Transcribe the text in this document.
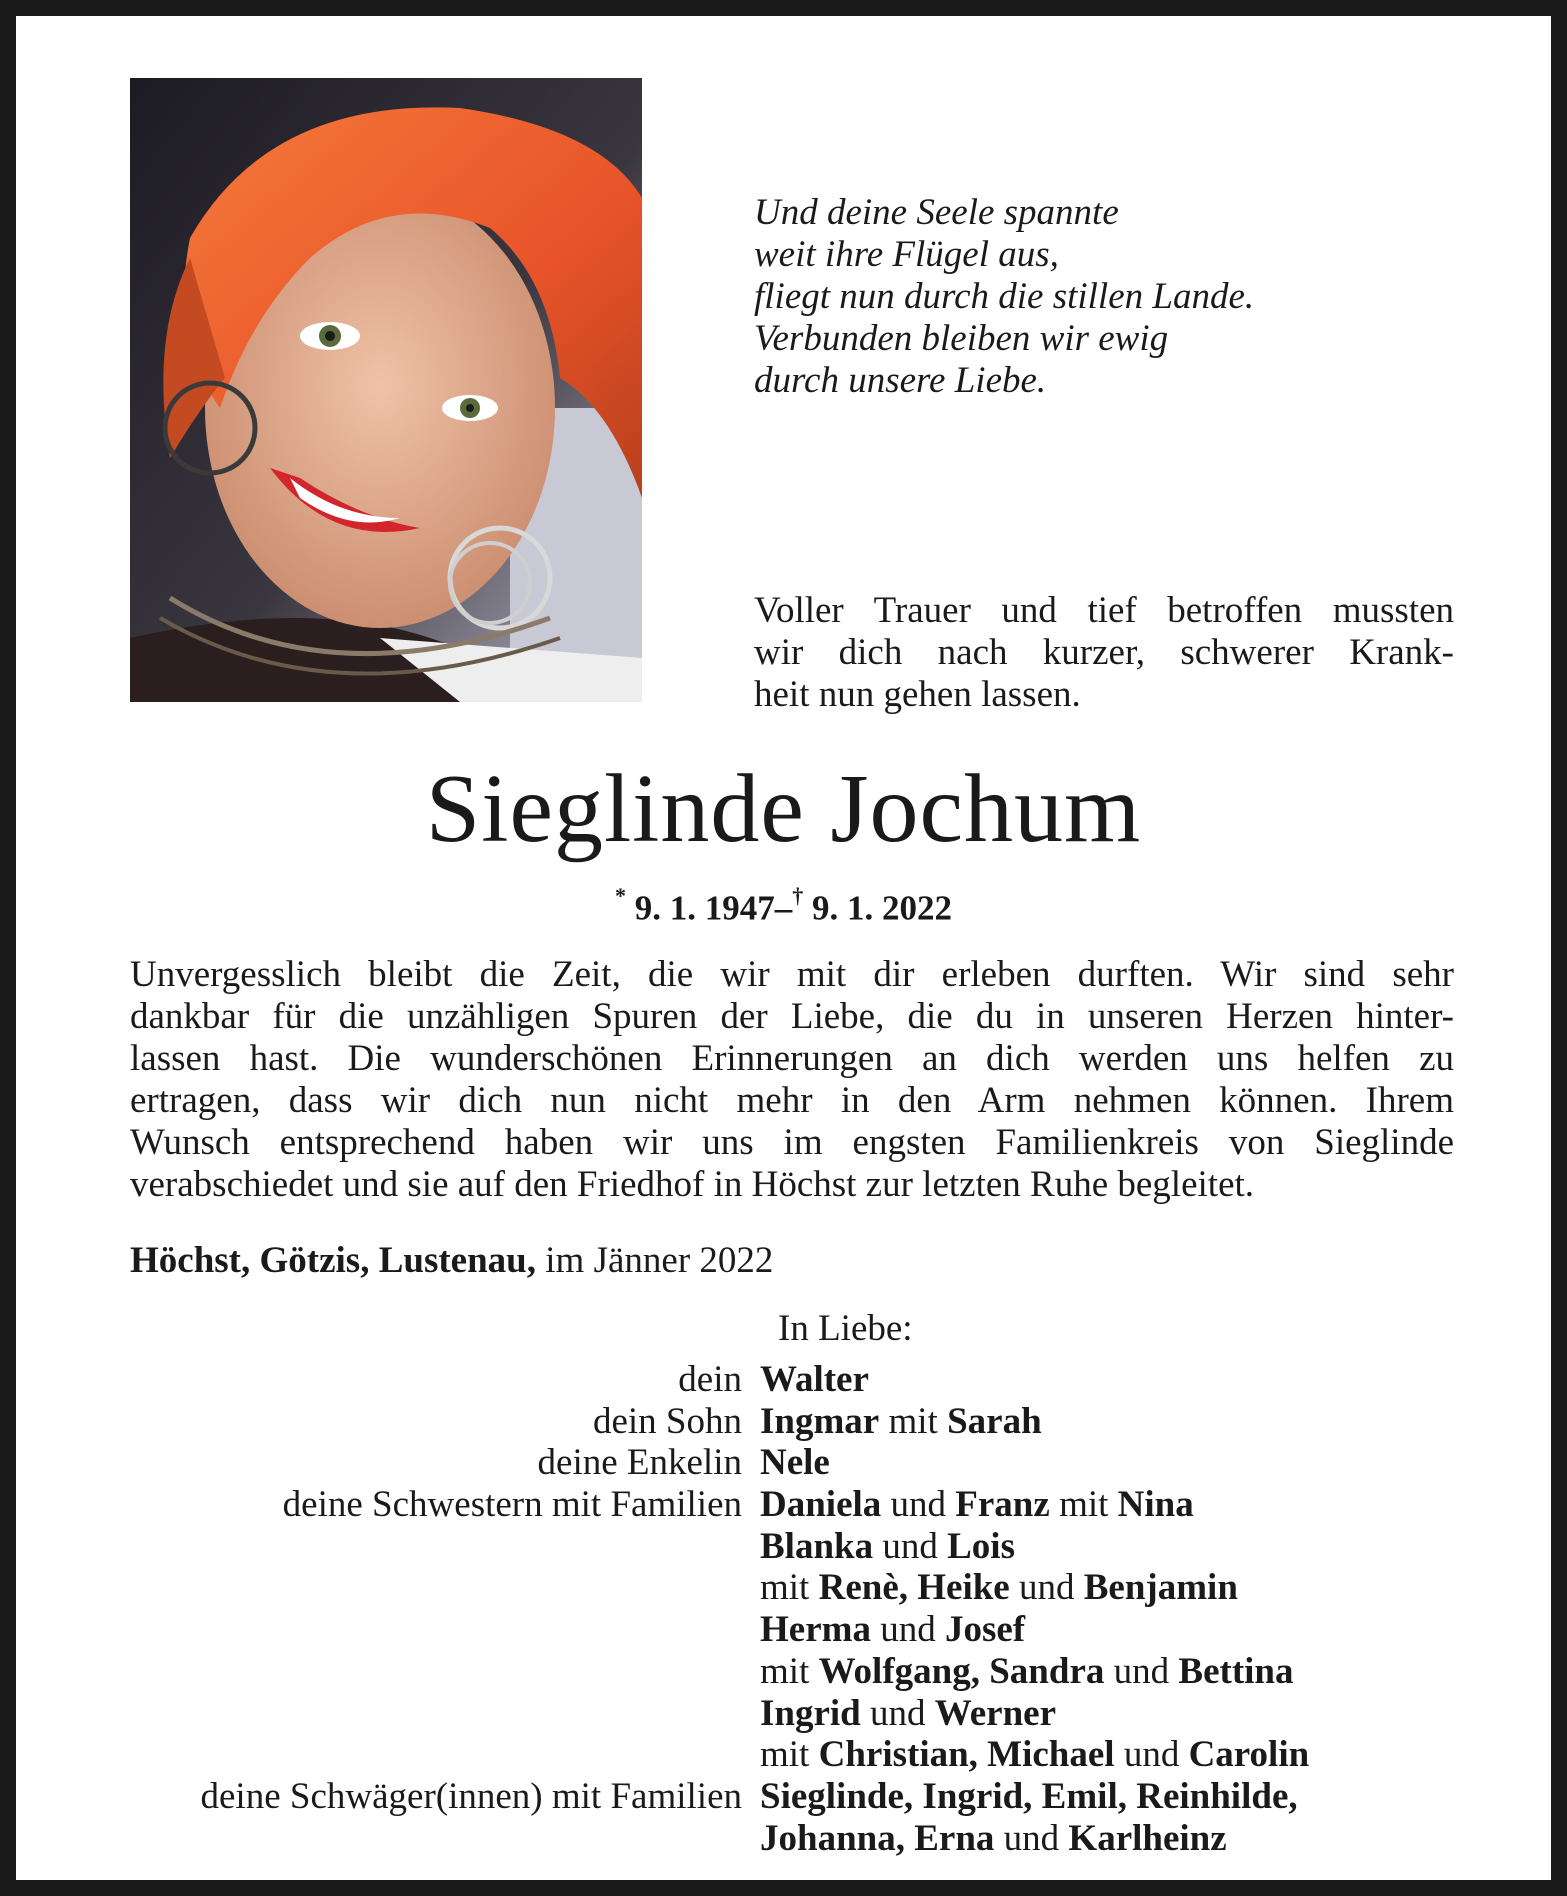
Und deine Seele spannte
weit ihre Flügel aus,
fliegt nun durch die stillen Lande.
Verbunden bleiben wir ewig
durch unsere Liebe.
Voller Trauer und tief betroffen mussten
wir dich nach kurzer, schwerer Krank-
heit nun gehen lassen.
Sieglinde Jochum
* 9. 1. 1947–† 9. 1. 2022
Unvergesslich bleibt die Zeit, die wir mit dir erleben durften. Wir sind sehr
dankbar für die unzähligen Spuren der Liebe, die du in unseren Herzen hinter-
lassen hast. Die wunderschönen Erinnerungen an dich werden uns helfen zu
ertragen, dass wir dich nun nicht mehr in den Arm nehmen können. Ihrem
Wunsch entsprechend haben wir uns im engsten Familienkreis von Sieglinde
verabschiedet und sie auf den Friedhof in Höchst zur letzten Ruhe begleitet.
Höchst, Götzis, Lustenau, im Jänner 2022
In Liebe:
dein Walter
dein Sohn Ingmar mit Sarah
deine Enkelin Nele
deine Schwestern mit Familien Daniela und Franz mit Nina
Blanka und Lois
mit Renè, Heike und Benjamin
Herma und Josef
mit Wolfgang, Sandra und Bettina
Ingrid und Werner
mit Christian, Michael und Carolin
deine Schwäger(innen) mit Familien Sieglinde, Ingrid, Emil, Reinhilde,
Johanna, Erna und Karlheinz
